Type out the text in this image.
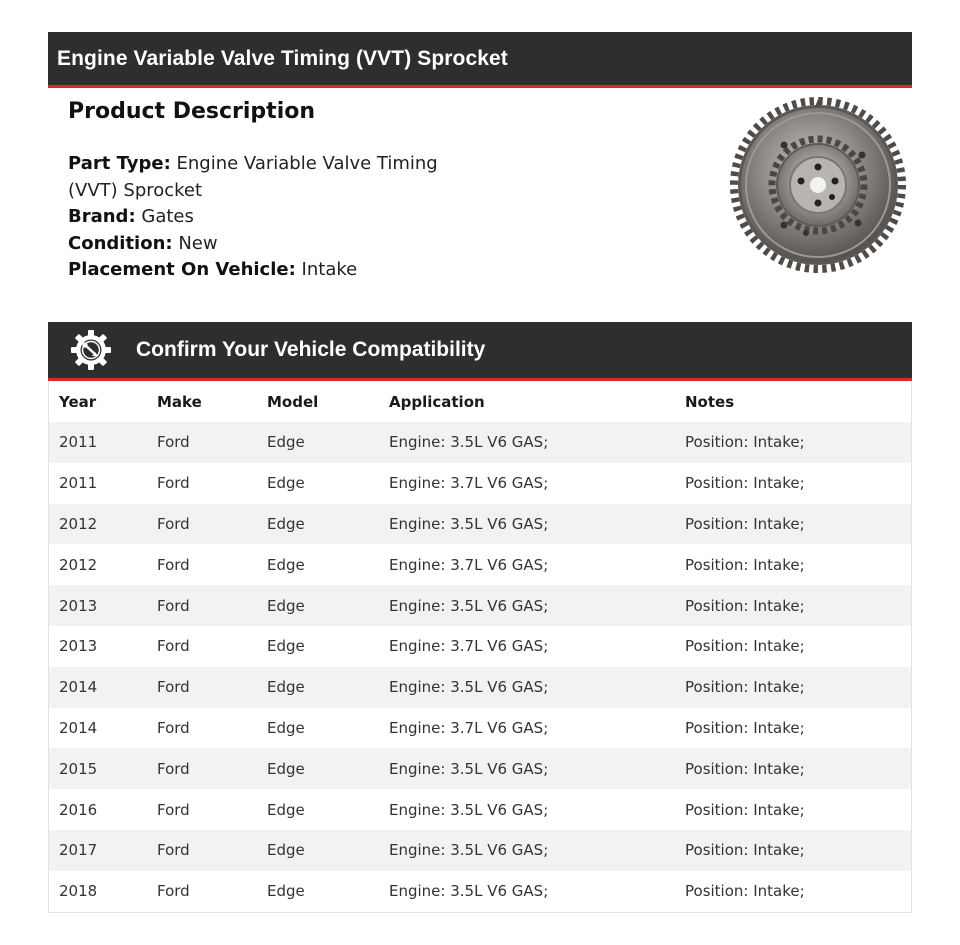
Engine Variable Valve Timing (VVT) Sprocket
Product Description
Part Type: Engine Variable Valve Timing (VVT) Sprocket
Brand: Gates
Condition: New
Placement On Vehicle: Intake
Confirm Your Vehicle Compatibility
Year	Make	Model	Application	Notes
2011	Ford	Edge	Engine: 3.5L V6 GAS;	Position: Intake;
2011	Ford	Edge	Engine: 3.7L V6 GAS;	Position: Intake;
2012	Ford	Edge	Engine: 3.5L V6 GAS;	Position: Intake;
2012	Ford	Edge	Engine: 3.7L V6 GAS;	Position: Intake;
2013	Ford	Edge	Engine: 3.5L V6 GAS;	Position: Intake;
2013	Ford	Edge	Engine: 3.7L V6 GAS;	Position: Intake;
2014	Ford	Edge	Engine: 3.5L V6 GAS;	Position: Intake;
2014	Ford	Edge	Engine: 3.7L V6 GAS;	Position: Intake;
2015	Ford	Edge	Engine: 3.5L V6 GAS;	Position: Intake;
2016	Ford	Edge	Engine: 3.5L V6 GAS;	Position: Intake;
2017	Ford	Edge	Engine: 3.5L V6 GAS;	Position: Intake;
2018	Ford	Edge	Engine: 3.5L V6 GAS;	Position: Intake;
